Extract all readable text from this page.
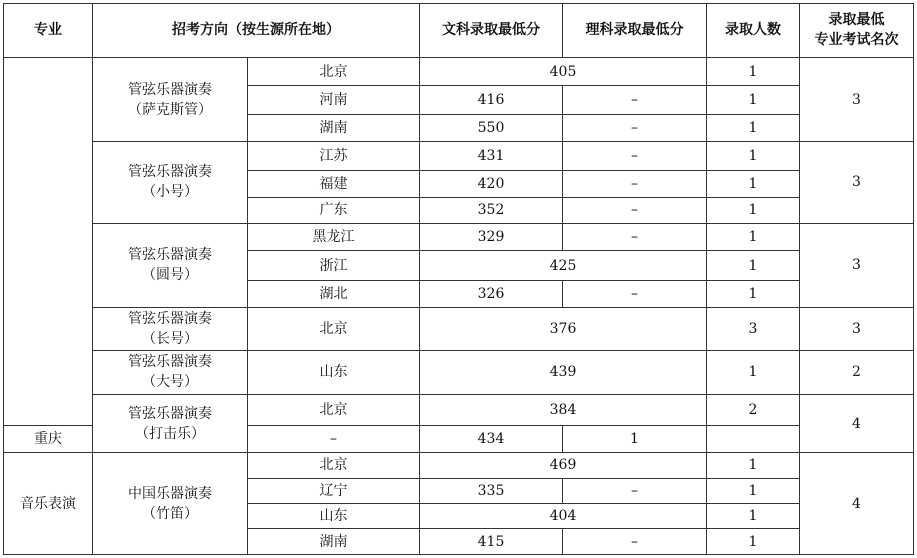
专业	招考方向（按生源所在地）		文科录取最低分	理科录取最低分	录取人数	录取最低
专业考试名次
	管弦乐器演奏
（萨克斯管）	北京	405		1	3
		河南	416	–	1	
		湖南	550	–	1	
	管弦乐器演奏
（小号）	江苏	431	–	1	3
		福建	420	–	1	
		广东	352	–	1	
	管弦乐器演奏
（圆号）	黑龙江	329	–	1	3
		浙江	425		1	
		湖北	326	–	1	
	管弦乐器演奏
（长号）	北京	376		3	3
	管弦乐器演奏
（大号）	山东	439		1	2
	管弦乐器演奏
（打击乐）	北京	384		2	4
重庆		–	434	1		
音乐表演	中国乐器演奏
（竹笛）	北京	469		1	4
		辽宁	335	–	1	
		山东	404		1	
		湖南	415	–	1	
